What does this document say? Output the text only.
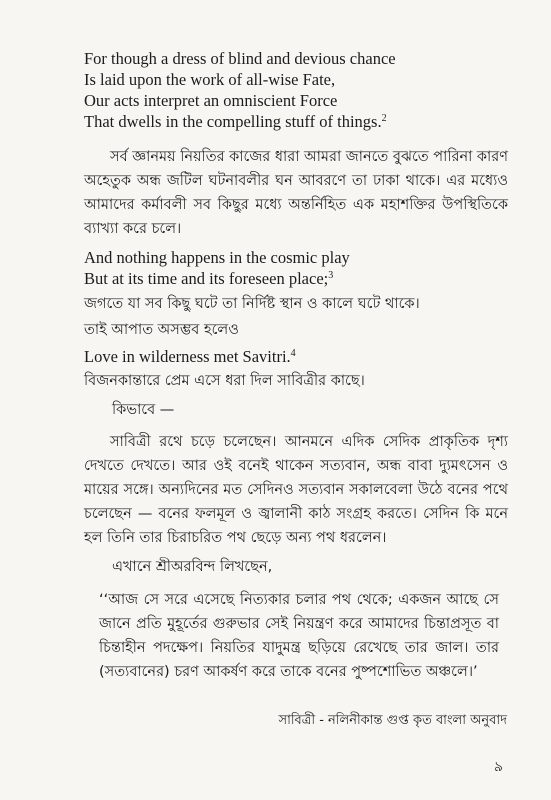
For though a dress of blind and devious chance

Is laid upon the work of all-wise Fate,

Our acts interpret an omniscient Force

That dwells in the compelling stuff of things.$^2$

সর্ব জ্ঞানময় নিয়তির কাজের ধারা আমরা জানতে বুঝতে পারিনা কারণ অহেতুক অন্ধ জটিল ঘটনাবলীর ঘন আবরণে তা ঢাকা থাকে। এর মধ্যেও আমাদের কর্মাবলী সব কিছুর মধ্যে অন্তর্নিহিত এক মহাশক্তির উপস্থিতিকে ব্যাখ্যা করে চলে।

And nothing happens in the cosmic play

But at its time and its foreseen place;$^3$

জগতে যা সব কিছু ঘটে তা নির্দিষ্ট স্থান ও কালে ঘটে থাকে।

তাই আপাত অসম্ভব হলেও

Love in wilderness met Savitri.$^4$

বিজনকান্তারে প্রেম এসে ধরা দিল সাবিত্রীর কাছে।

কিভাবে —

সাবিত্রী রথে চড়ে চলেছেন। আনমনে এদিক সেদিক প্রাকৃতিক দৃশ্য দেখতে দেখতে। আর ওই বনেই থাকেন সত্যবান, অন্ধ বাবা দ্যুমৎসেন ও মায়ের সঙ্গে। অন্যদিনের মত সেদিনও সত্যবান সকালবেলা উঠে বনের পথে চলেছেন — বনের ফলমূল ও জ্বালানী কাঠ সংগ্রহ করতে। সেদিন কি মনে হল তিনি তার চিরাচরিত পথ ছেড়ে অন্য পথ ধরলেন।

এখানে শ্রীঅরবিন্দ লিখছেন,

‘‘আজ সে সরে এসেছে নিত্যকার চলার পথ থেকে; একজন আছে সে জানে প্রতি মুহূর্তের গুরুভার সেই নিয়ন্ত্রণ করে আমাদের চিন্তাপ্রসূত বা চিন্তাহীন পদক্ষেপ। নিয়তির যাদুমন্ত্র ছড়িয়ে রেখেছে তার জাল। তার (সত্যবানের) চরণ আকর্ষণ করে তাকে বনের পুষ্পশোভিত অঞ্চলে।’

সাবিত্রী - নলিনীকান্ত গুপ্ত কৃত বাংলা অনুবাদ
৯
